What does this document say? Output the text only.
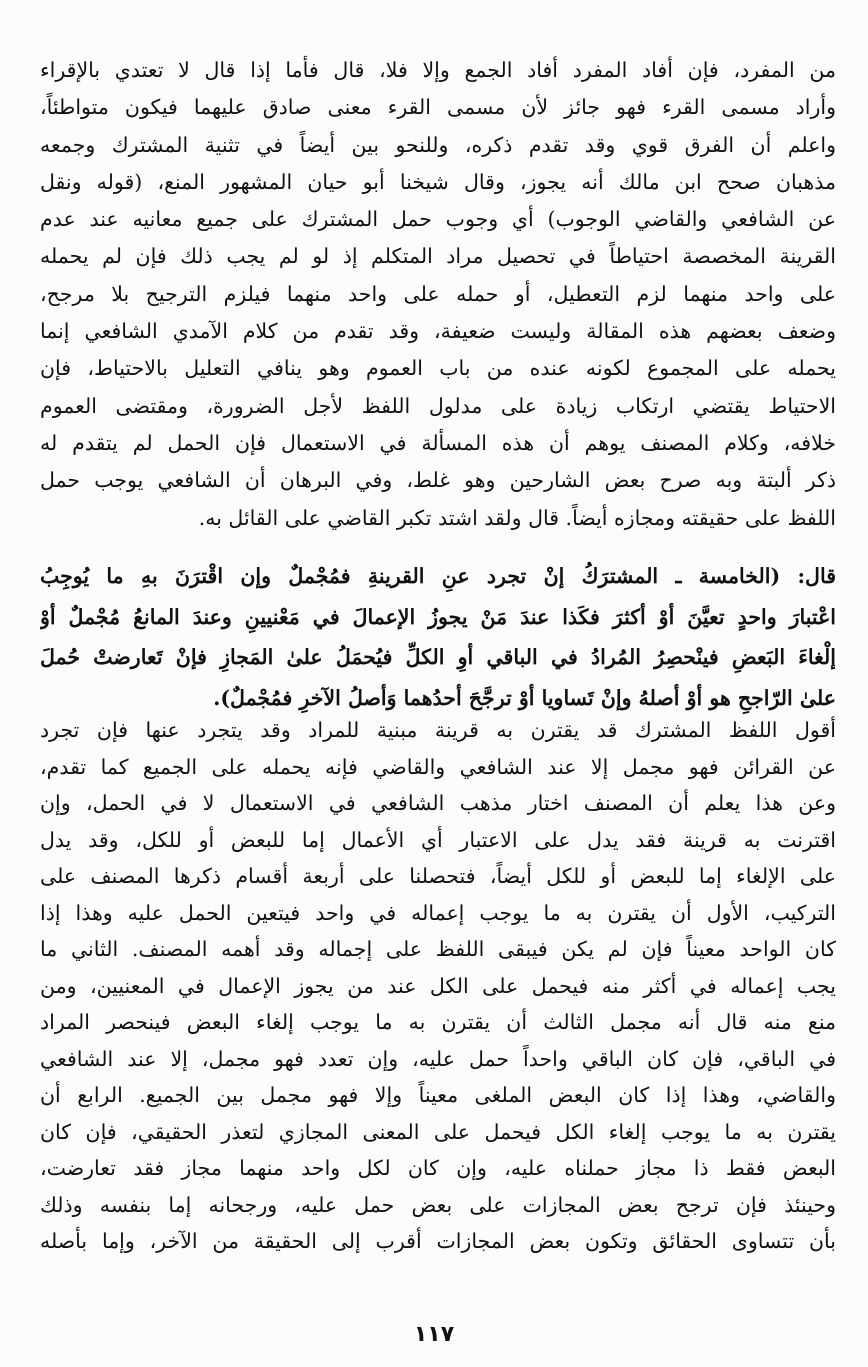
من المفرد، فإن أفاد المفرد أفاد الجمع وإلا فلا، قال فأما إذا قال لا تعتدي بالإقراء
وأراد مسمى القرء فهو جائز لأن مسمى القرء معنى صادق عليهما فيكون متواطئاً،
واعلم أن الفرق قوي وقد تقدم ذكره، وللنحو بين أيضاً في تثنية المشترك وجمعه
مذهبان صحح ابن مالك أنه يجوز، وقال شيخنا أبو حيان المشهور المنع، (قوله ونقل
عن الشافعي والقاضي الوجوب) أي وجوب حمل المشترك على جميع معانيه عند عدم
القرينة المخصصة احتياطاً في تحصيل مراد المتكلم إذ لو لم يجب ذلك فإن لم يحمله
على واحد منهما لزم التعطيل، أو حمله على واحد منهما فيلزم الترجيح بلا مرجح،
وضعف بعضهم هذه المقالة وليست ضعيفة، وقد تقدم من كلام الآمدي الشافعي إنما
يحمله على المجموع لكونه عنده من باب العموم وهو ينافي التعليل بالاحتياط، فإن
الاحتياط يقتضي ارتكاب زيادة على مدلول اللفظ لأجل الضرورة، ومقتضى العموم
خلافه، وكلام المصنف يوهم أن هذه المسألة في الاستعمال فإن الحمل لم يتقدم له
ذكر ألبتة وبه صرح بعض الشارحين وهو غلط، وفي البرهان أن الشافعي يوجب حمل
اللفظ على حقيقته ومجازه أيضاً. قال ولقد اشتد تكبر القاضي على القائل به.
قال: (الخامسة ـ المشترَكُ إنْ تجرد عنِ القرينةِ فمُجْملٌ وإن اقْترَنَ بهِ ما يُوجِبُ
اعْتبارَ واحدٍ تعيَّنَ أوْ أكثرَ فكَذا عندَ مَنْ يجوزُ الإعمالَ في مَعْنيينِ وعندَ المانعُ مُجْملٌ أوْ
إلْغاءَ البَعضِ فينْحصِرُ المُرادُ في الباقي أوِ الكلِّ فيُحمَلُ علىٰ المَجازِ فإنْ تَعارضتْ حُملَ
علىٰ الرّاجحِ هو أوْ أصلهُ وإنْ تَساويا أوْ ترجَّحَ أحدُهما وَأصلُ الآخرِ فمُجْملٌ).
أقول اللفظ المشترك قد يقترن به قرينة مبنية للمراد وقد يتجرد عنها فإن تجرد
عن القرائن فهو مجمل إلا عند الشافعي والقاضي فإنه يحمله على الجميع كما تقدم،
وعن هذا يعلم أن المصنف اختار مذهب الشافعي في الاستعمال لا في الحمل، وإن
اقترنت به قرينة فقد يدل على الاعتبار أي الأعمال إما للبعض أو للكل، وقد يدل
على الإلغاء إما للبعض أو للكل أيضاً، فتحصلنا على أربعة أقسام ذكرها المصنف على
التركيب، الأول أن يقترن به ما يوجب إعماله في واحد فيتعين الحمل عليه وهذا إذا
كان الواحد معيناً فإن لم يكن فيبقى اللفظ على إجماله وقد أهمه المصنف. الثاني ما
يجب إعماله في أكثر منه فيحمل على الكل عند من يجوز الإعمال في المعنيين، ومن
منع منه قال أنه مجمل الثالث أن يقترن به ما يوجب إلغاء البعض فينحصر المراد
في الباقي، فإن كان الباقي واحداً حمل عليه، وإن تعدد فهو مجمل، إلا عند الشافعي
والقاضي، وهذا إذا كان البعض الملغى معيناً وإلا فهو مجمل بين الجميع. الرابع أن
يقترن به ما يوجب إلغاء الكل فيحمل على المعنى المجازي لتعذر الحقيقي، فإن كان
البعض فقط ذا مجاز حملناه عليه، وإن كان لكل واحد منهما مجاز فقد تعارضت،
وحينئذ فإن ترجح بعض المجازات على بعض حمل عليه، ورجحانه إما بنفسه وذلك
بأن تتساوى الحقائق وتكون بعض المجازات أقرب إلى الحقيقة من الآخر، وإما بأصله
١١٧
